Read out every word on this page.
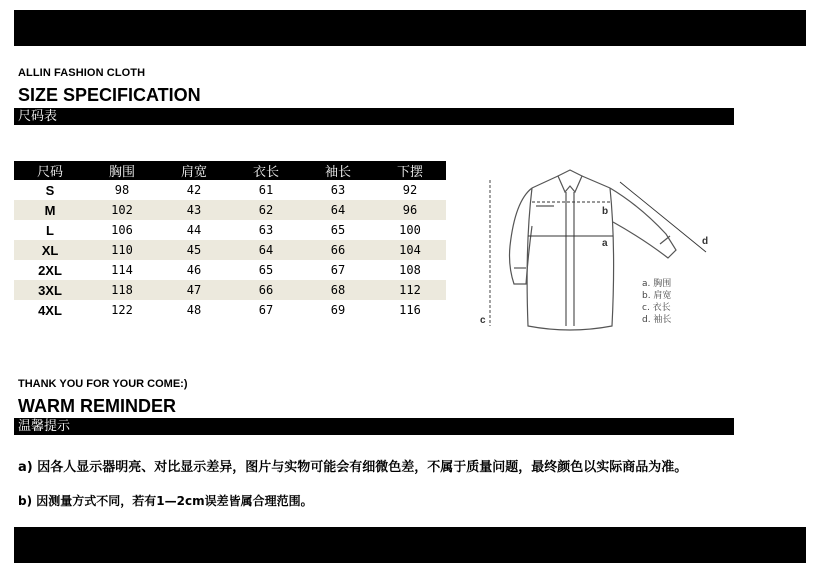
ALLIN FASHION CLOTH
SIZE SPECIFICATION
尺码表
尺码	胸围	肩宽	衣长	袖长	下摆
S	98	42	61	63	92
M	102	43	62	64	96
L	106	44	63	65	100
XL	110	45	64	66	104
2XL	114	46	65	67	108
3XL	118	47	66	68	112
4XL	122	48	67	69	116
b
a
c
d
a. 胸围
b. 肩宽
c. 衣长
d. 袖长
THANK YOU FOR YOUR COME:)
WARM REMINDER
温馨提示
a) 因各人显示器明亮、对比显示差异，图片与实物可能会有细微色差，不属于质量问题，最终颜色以实际商品为准。
b) 因测量方式不同，若有1—2cm误差皆属合理范围。
